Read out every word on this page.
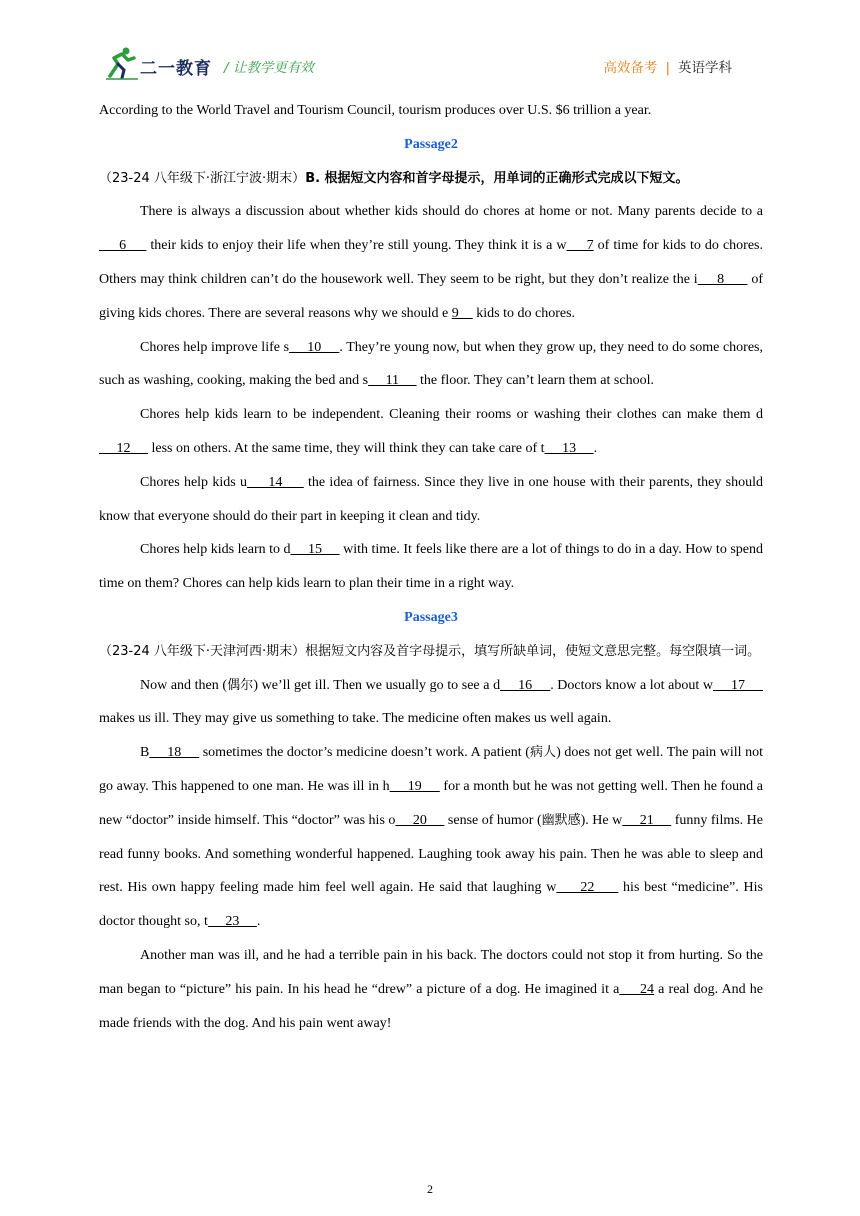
二一教育 / 让教学更有效	高效备考 | 英语学科

According to the World Travel and Tourism Council, tourism produces over U.S. $6 trillion a year.

Passage2

（23-24 八年级下·浙江宁波·期末）B. 根据短文内容和首字母提示，用单词的正确形式完成以下短文。

There is always a discussion about whether kids should do chores at home or not. Many parents decide to a     6      their kids to enjoy their life when they’re still young. They think it is a w     7 of time for kids to do chores. Others may think children can’t do the housework well. They seem to be right, but they don’t realize the i     8       of giving kids chores. There are several reasons why we should e 9     kids to do chores.

Chores help improve life s     10     . They’re young now, but when they grow up, they need to do some chores, such as washing, cooking, making the bed and s     11      the floor. They can’t learn them at school.

Chores help kids learn to be independent. Cleaning their rooms or washing their clothes can make them d     12      less on others. At the same time, they will think they can take care of t     13     .

Chores help kids u     14      the idea of fairness. Since they live in one house with their parents, they should know that everyone should do their part in keeping it clean and tidy.

Chores help kids learn to d     15      with time. It feels like there are a lot of things to do in a day. How to spend time on them? Chores can help kids learn to plan their time in a right way.

Passage3

（23-24 八年级下·天津河西·期末）根据短文内容及首字母提示，填写所缺单词，使短文意思完整。每空限填一词。

Now and then (偶尔) we’ll get ill. Then we usually go to see a d     16     . Doctors know a lot about w     17      makes us ill. They may give us something to take. The medicine often makes us well again.

B     18      sometimes the doctor’s medicine doesn’t work. A patient (病人) does not get well. The pain will not go away. This happened to one man. He was ill in h     19      for a month but he was not getting well. Then he found a new “doctor” inside himself. This “doctor” was his o     20      sense of humor (幽默感). He w     21      funny films. He read funny books. And something wonderful happened. Laughing took away his pain. Then he was able to sleep and rest. His own happy feeling made him feel well again. He said that laughing w     22      his best “medicine”. His doctor thought so, t     23     .

Another man was ill, and he had a terrible pain in his back. The doctors could not stop it from hurting. So the man began to “picture” his pain. In his head he “drew” a picture of a dog. He imagined it a     24 a real dog. And he made friends with the dog. And his pain went away!

2
